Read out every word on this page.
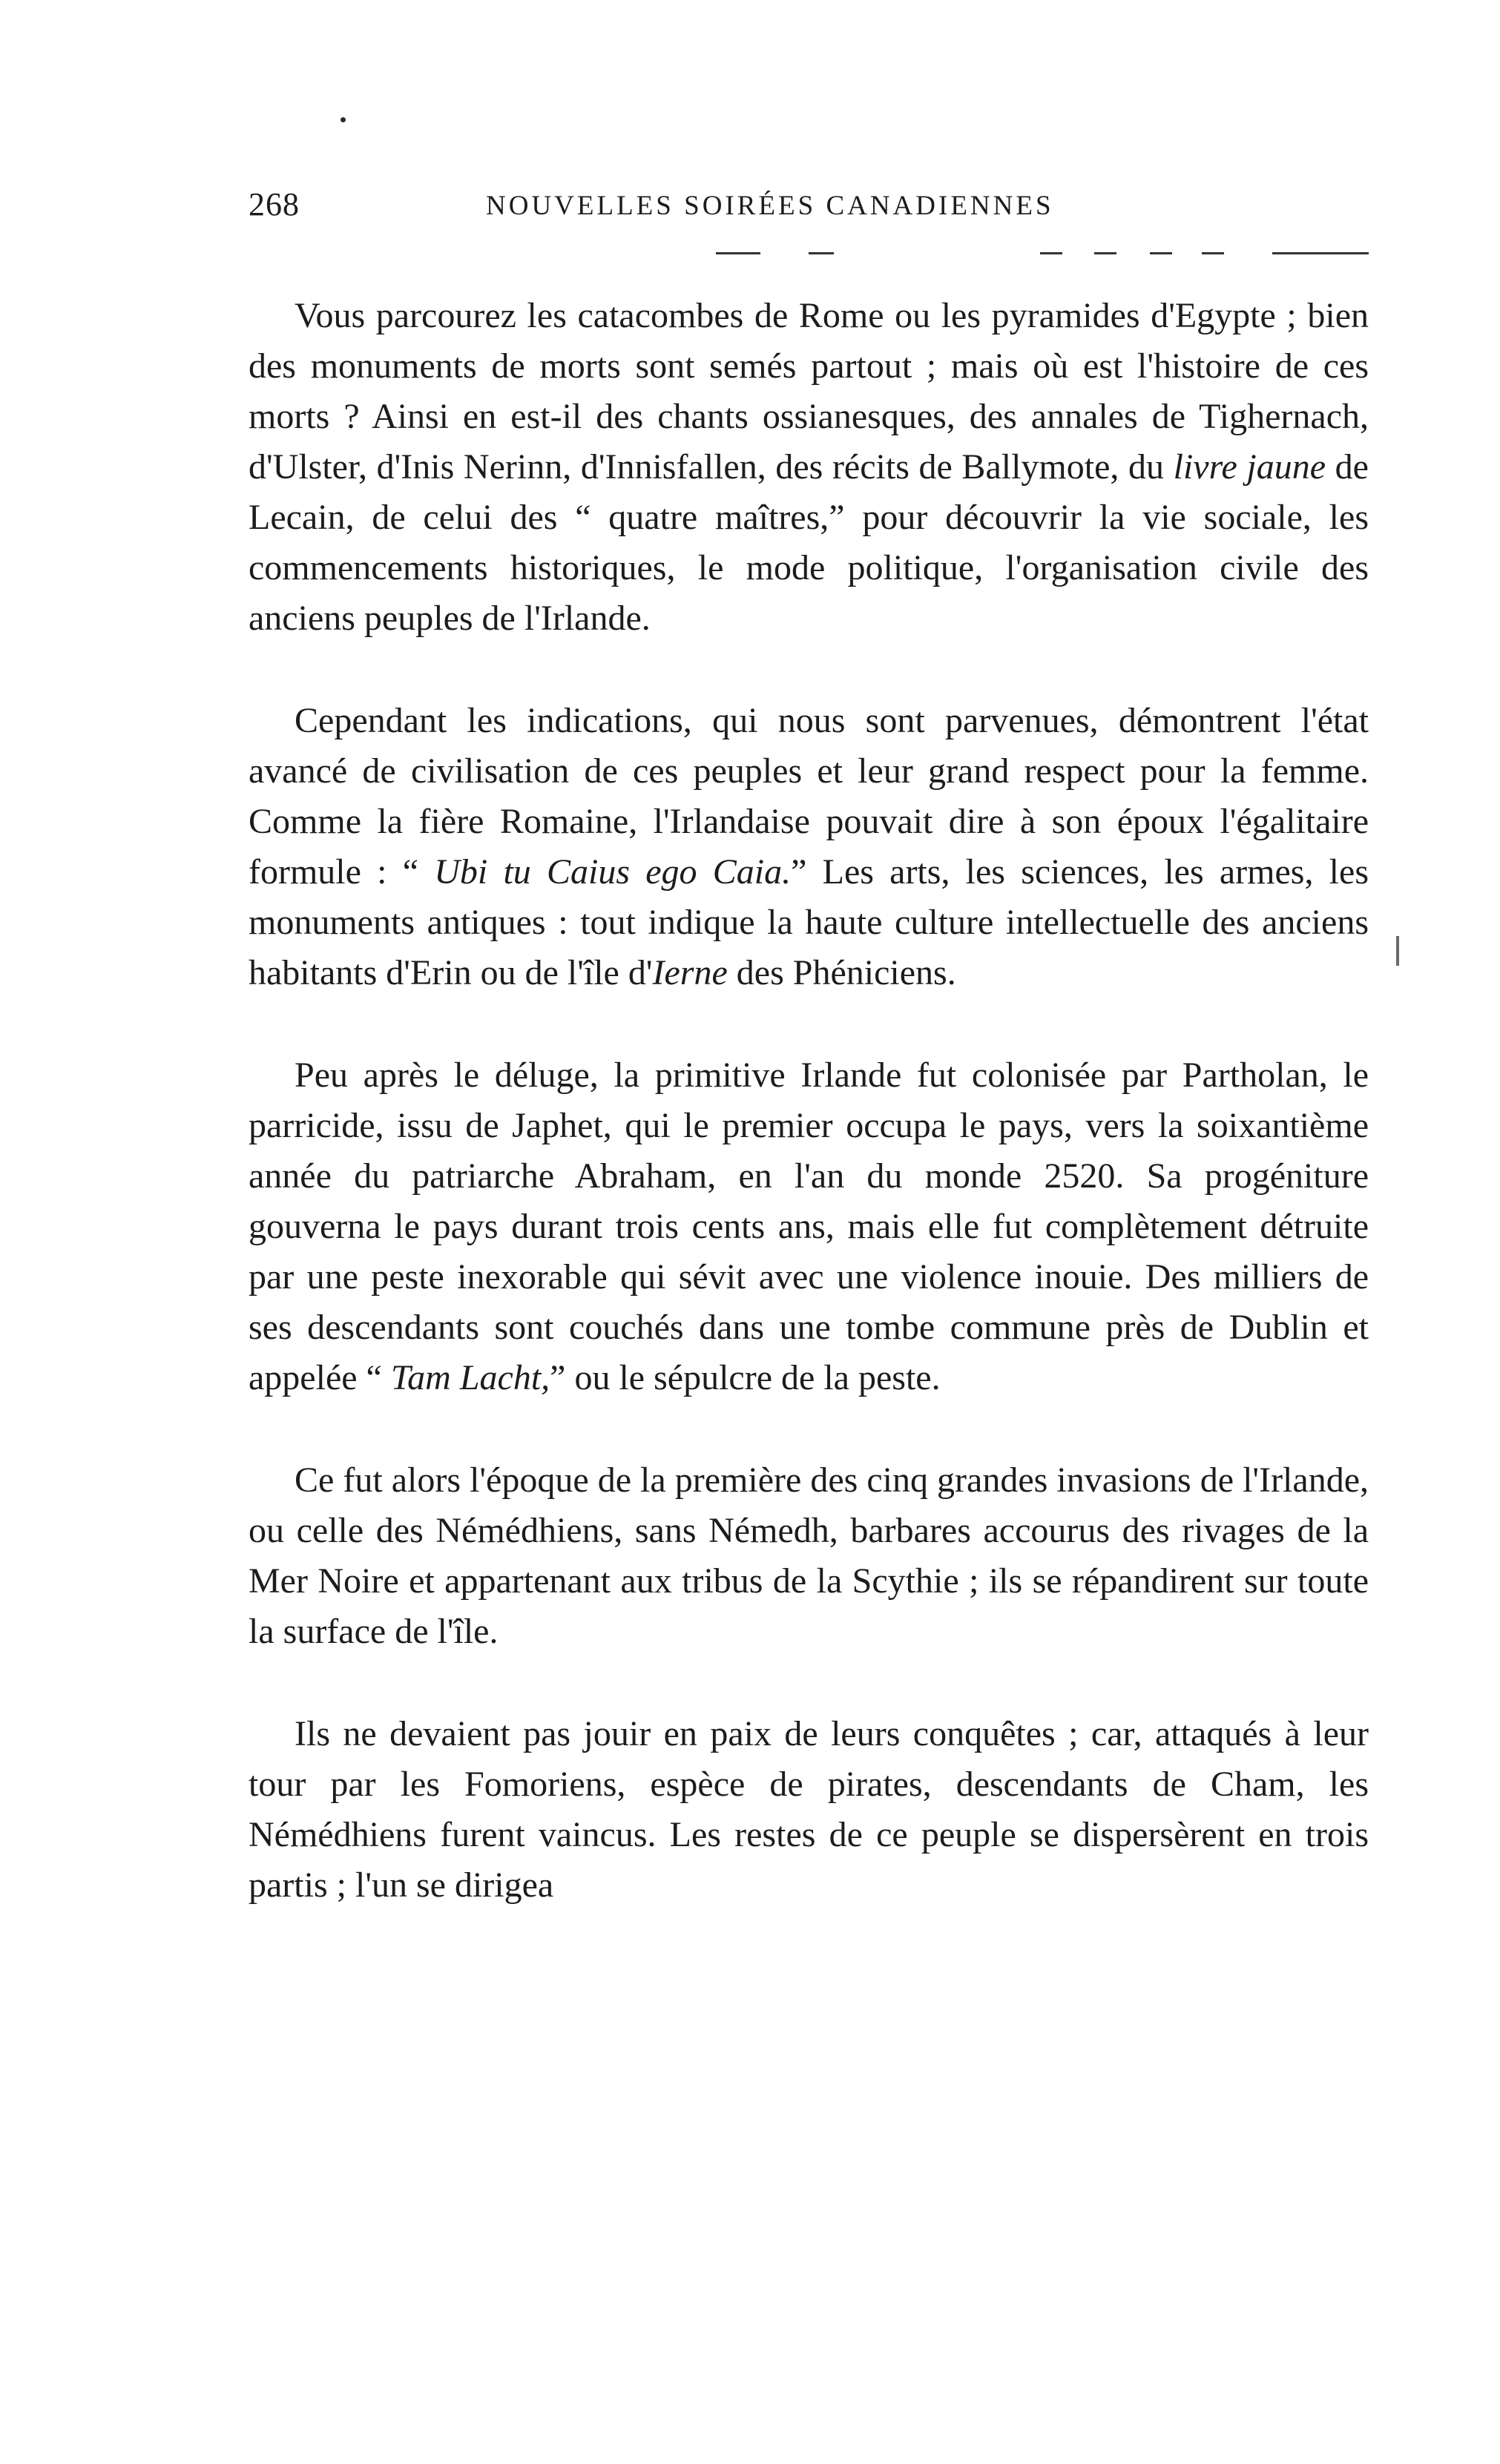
268	NOUVELLES SOIRÉES CANADIENNES

Vous parcourez les catacombes de Rome ou les pyramides d'Egypte ; bien des monuments de morts sont semés partout ; mais où est l'histoire de ces morts ? Ainsi en est-il des chants ossianesques, des annales de Tighernach, d'Ulster, d'Inis Nerinn, d'Innisfallen, des récits de Ballymote, du livre jaune de Lecain, de celui des “ quatre maîtres,” pour découvrir la vie sociale, les commencements historiques, le mode politique, l'organisation civile des anciens peuples de l'Irlande.

Cependant les indications, qui nous sont parvenues, démontrent l'état avancé de civilisation de ces peuples et leur grand respect pour la femme. Comme la fière Romaine, l'Irlandaise pouvait dire à son époux l'égalitaire formule : “ Ubi tu Caius ego Caia.” Les arts, les sciences, les armes, les monuments antiques : tout indique la haute culture intellectuelle des anciens habitants d'Erin ou de l'île d'Ierne des Phéniciens.

Peu après le déluge, la primitive Irlande fut colonisée par Partholan, le parricide, issu de Japhet, qui le premier occupa le pays, vers la soixantième année du patriarche Abraham, en l'an du monde 2520. Sa progéniture gouverna le pays durant trois cents ans, mais elle fut complètement détruite par une peste inexorable qui sévit avec une violence inouie. Des milliers de ses descendants sont couchés dans une tombe commune près de Dublin et appelée “ Tam Lacht,” ou le sépulcre de la peste.

Ce fut alors l'époque de la première des cinq grandes invasions de l'Irlande, ou celle des Némédhiens, sans Némedh, barbares accourus des rivages de la Mer Noire et appartenant aux tribus de la Scythie ; ils se répandirent sur toute la surface de l'île.

Ils ne devaient pas jouir en paix de leurs conquêtes ; car, attaqués à leur tour par les Fomoriens, espèce de pirates, descendants de Cham, les Némédhiens furent vaincus. Les restes de ce peuple se dispersèrent en trois partis ; l'un se dirigea
